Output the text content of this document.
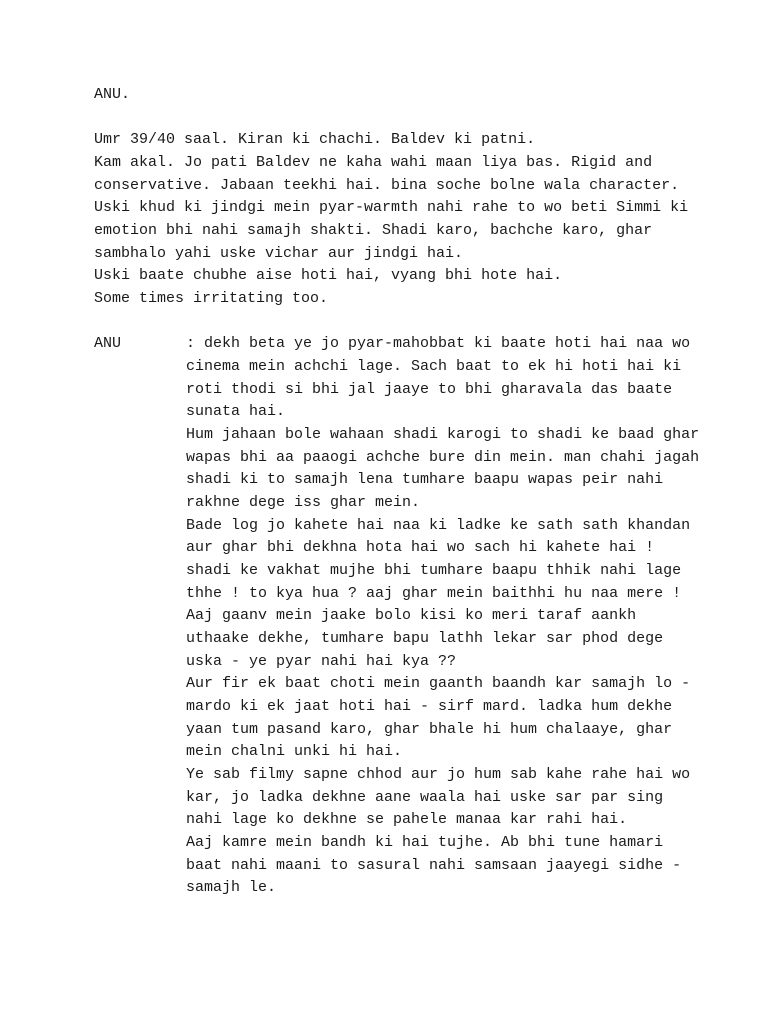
ANU.
Umr 39/40 saal. Kiran ki chachi. Baldev ki patni.
Kam akal. Jo pati Baldev ne kaha wahi maan liya bas. Rigid and
conservative. Jabaan teekhi hai. bina soche bolne wala character.
Uski khud ki jindgi mein pyar-warmth nahi rahe to wo beti Simmi ki
emotion bhi nahi samajh shakti. Shadi karo, bachche karo, ghar
sambhalo yahi uske vichar aur jindgi hai.
Uski baate chubhe aise hoti hai, vyang bhi hote hai.
Some times irritating too.
ANU	: dekh beta ye jo pyar-mahobbat ki baate hoti hai naa wo
cinema mein achchi lage. Sach baat to ek hi hoti hai ki
roti thodi si bhi jal jaaye to bhi gharavala das baate
sunata hai.
Hum jahaan bole wahaan shadi karogi to shadi ke baad ghar
wapas bhi aa paaogi achche bure din mein. man chahi jagah
shadi ki to samajh lena tumhare baapu wapas peir nahi
rakhne dege iss ghar mein.
Bade log jo kahete hai naa ki ladke ke sath sath khandan
aur ghar bhi dekhna hota hai wo sach hi kahete hai !
shadi ke vakhat mujhe bhi tumhare baapu thhik nahi lage
thhe ! to kya hua ? aaj ghar mein baithhi hu naa mere !
Aaj gaanv mein jaake bolo kisi ko meri taraf aankh
uthaake dekhe, tumhare bapu lathh lekar sar phod dege
uska - ye pyar nahi hai kya ??
Aur fir ek baat choti mein gaanth baandh kar samajh lo -
mardo ki ek jaat hoti hai - sirf mard. ladka hum dekhe
yaan tum pasand karo, ghar bhale hi hum chalaaye, ghar
mein chalni unki hi hai.
Ye sab filmy sapne chhod aur jo hum sab kahe rahe hai wo
kar, jo ladka dekhne aane waala hai uske sar par sing
nahi lage ko dekhne se pahele manaa kar rahi hai.
Aaj kamre mein bandh ki hai tujhe. Ab bhi tune hamari
baat nahi maani to sasural nahi samsaan jaayegi sidhe -
samajh le.
